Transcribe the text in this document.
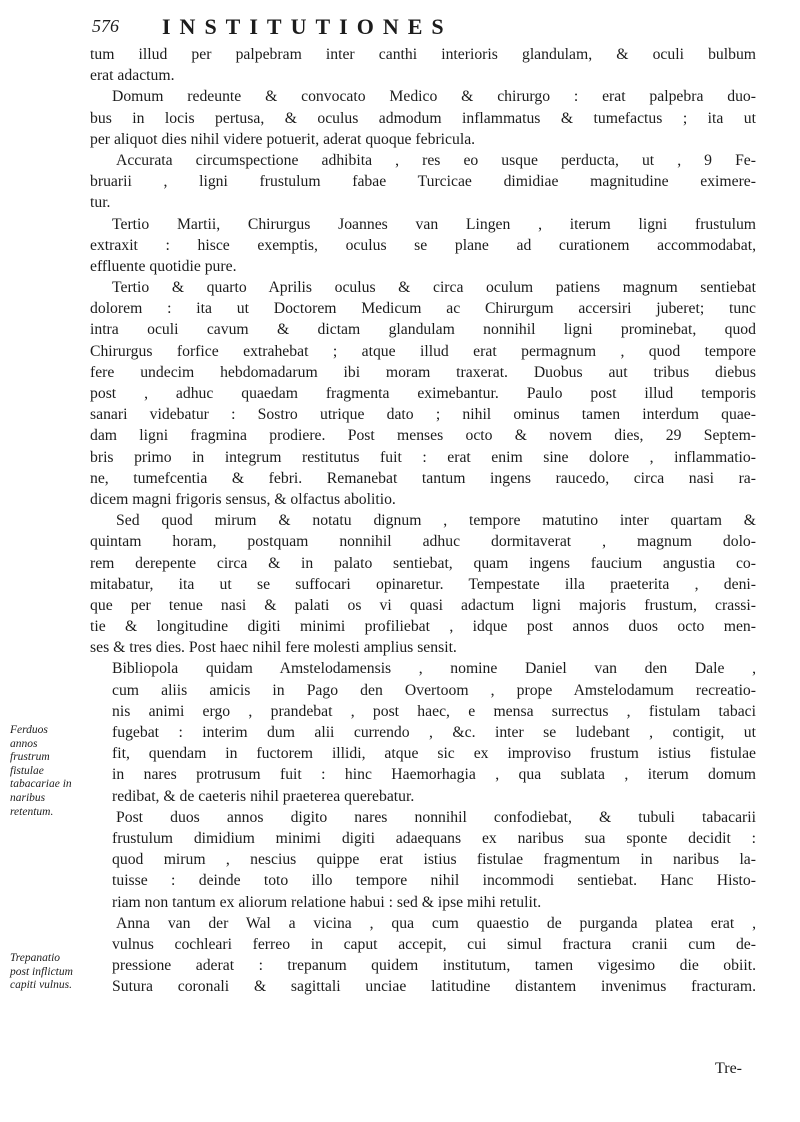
576 INSTITUTIONES
tum illud per palpebram inter canthi interioris glandulam, & oculi bulbum
erat adactum.
Domum redeunte & convocato Medico & chirurgo : erat palpebra duo-
bus in locis pertusa, & oculus admodum inflammatus & tumefactus ; ita ut
per aliquot dies nihil videre potuerit, aderat quoque febricula.
Accurata circumspectione adhibita , res eo usque perducta, ut , 9 Fe-
bruarii , ligni frustulum fabae Turcicae dimidiae magnitudine eximere-
tur.
Tertio Martii, Chirurgus Joannes van Lingen , iterum ligni frustulum
extraxit : hisce exemptis, oculus se plane ad curationem accommodabat,
effluente quotidie pure.
Tertio & quarto Aprilis oculus & circa oculum patiens magnum sentiebat
dolorem : ita ut Doctorem Medicum ac Chirurgum accersiri juberet; tunc
intra oculi cavum & dictam glandulam nonnihil ligni prominebat, quod
Chirurgus forfice extrahebat ; atque illud erat permagnum , quod tempore
fere undecim hebdomadarum ibi moram traxerat. Duobus aut tribus diebus
post , adhuc quaedam fragmenta eximebantur. Paulo post illud temporis
sanari videbatur : Sostro utrique dato ; nihil ominus tamen interdum quae-
dam ligni fragmina prodiere. Post menses octo & novem dies, 29 Septem-
bris primo in integrum restitutus fuit : erat enim sine dolore , inflammatio-
ne, tumefcentia & febri. Remanebat tantum ingens raucedo, circa nasi ra-
dicem magni frigoris sensus, & olfactus abolitio.
Sed quod mirum & notatu dignum , tempore matutino inter quartam &
quintam horam, postquam nonnihil adhuc dormitaverat , magnum dolo-
rem derepente circa & in palato sentiebat, quam ingens faucium angustia co-
mitabatur, ita ut se suffocari opinaretur. Tempestate illa praeterita , deni-
que per tenue nasi & palati os vi quasi adactum ligni majoris frustum, crassi-
tie & longitudine digiti minimi profiliebat , idque post annos duos octo men-
ses & tres dies. Post haec nihil fere molesti amplius sensit.
Bibliopola quidam Amstelodamensis , nomine Daniel van den Dale ,
cum aliis amicis in Pago den Overtoom , prope Amstelodamum recreatio-
nis animi ergo , prandebat , post haec, e mensa surrectus , fistulam tabaci
fugebat : interim dum alii currendo , &c. inter se ludebant , contigit, ut
fit, quendam in fuctorem illidi, atque sic ex improviso frustum istius fistulae
in nares protrusum fuit : hinc Haemorhagia , qua sublata , iterum domum
redibat, & de caeteris nihil praeterea querebatur.
Post duos annos digito nares nonnihil confodiebat, & tubuli tabacarii
frustulum dimidium minimi digiti adaequans ex naribus sua sponte decidit :
quod mirum , nescius quippe erat istius fistulae fragmentum in naribus la-
tuisse : deinde toto illo tempore nihil incommodi sentiebat. Hanc Histo-
riam non tantum ex aliorum relatione habui : sed & ipse mihi retulit.
Anna van der Wal a vicina , qua cum quaestio de purganda platea erat ,
vulnus cochleari ferreo in caput accepit, cui simul fractura cranii cum de-
pressione aderat : trepanum quidem institutum, tamen vigesimo die obiit.
Sutura coronali & sagittali unciae latitudine distantem invenimus fracturam.
Ferduos annos frustrum fistulae tabacariae in naribus retentum.
Trepanatio post inflictum capiti vulnus.
Tre-
